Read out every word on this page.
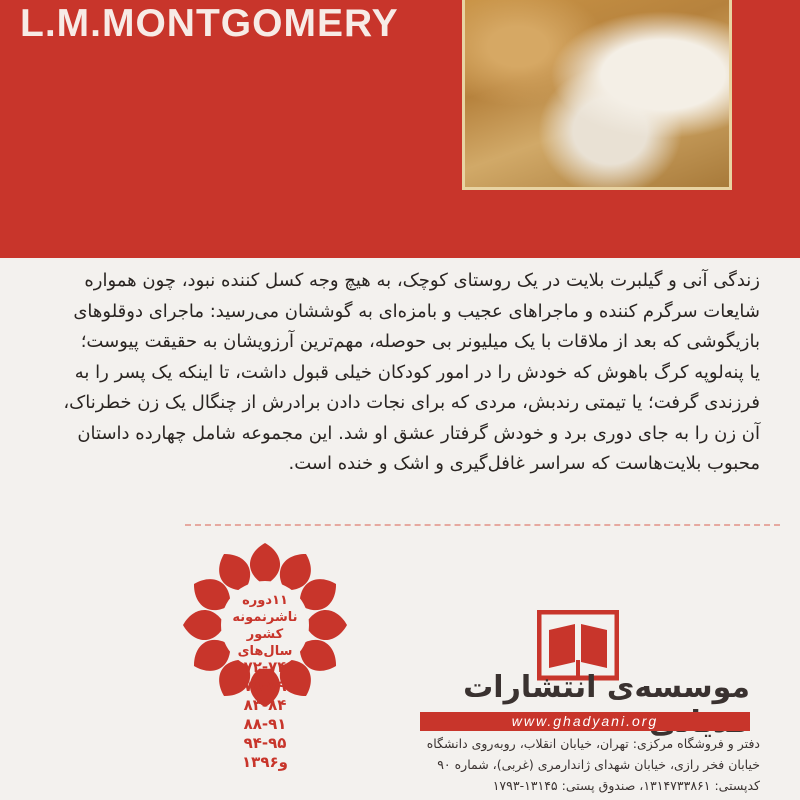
L.M.MONTGOMERY
زندگی آنی و گیلبرت بلایت در یک روستای کوچک، به هیچ وجه کسل کننده نبود، چون همواره
شایعات سرگرم کننده و ماجراهای عجیب و بامزه‌ای به گوششان می‌رسید: ماجرای دوقلوهای
بازیگوشی که بعد از ملاقات با یک میلیونر بی حوصله، مهم‌ترین آرزویشان به حقیقت پیوست؛
یا پنه‌لوپه کرگ باهوش که خودش را در امور کودکان خیلی قبول داشت، تا اینکه یک پسر را به
فرزندی گرفت؛ یا تیمتی رندبش، مردی که برای نجات دادن برادرش از چنگال یک زن خطرناک،
آن زن را به جای دوری برد و خودش گرفتار عشق او شد. این مجموعه شامل چهارده داستان
محبوب بلایت‌هاست که سراسر غافل‌گیری و اشک و خنده است.
۱۱دوره
ناشرنمونه
کشور
سال‌های
۷۲-۷۴
۷۸-۷۹
۸۳-۸۴
۸۸-۹۱
۹۴-۹۵
و۱۳۹۶
موسسه‌ی انتشارات
www.ghadyani.org
دفتر و فروشگاه مرکزی: تهران، خیابان انقلاب، روبه‌روی دانشگاه
خیابان فخر رازی، خیابان شهدای ژاندارمری (غربی)، شماره ۹۰
کدپستی: ۱۳۱۴۷۳۳۸۶۱، صندوق پستی: ۱۳۱۴۵-۱۷۹۳
